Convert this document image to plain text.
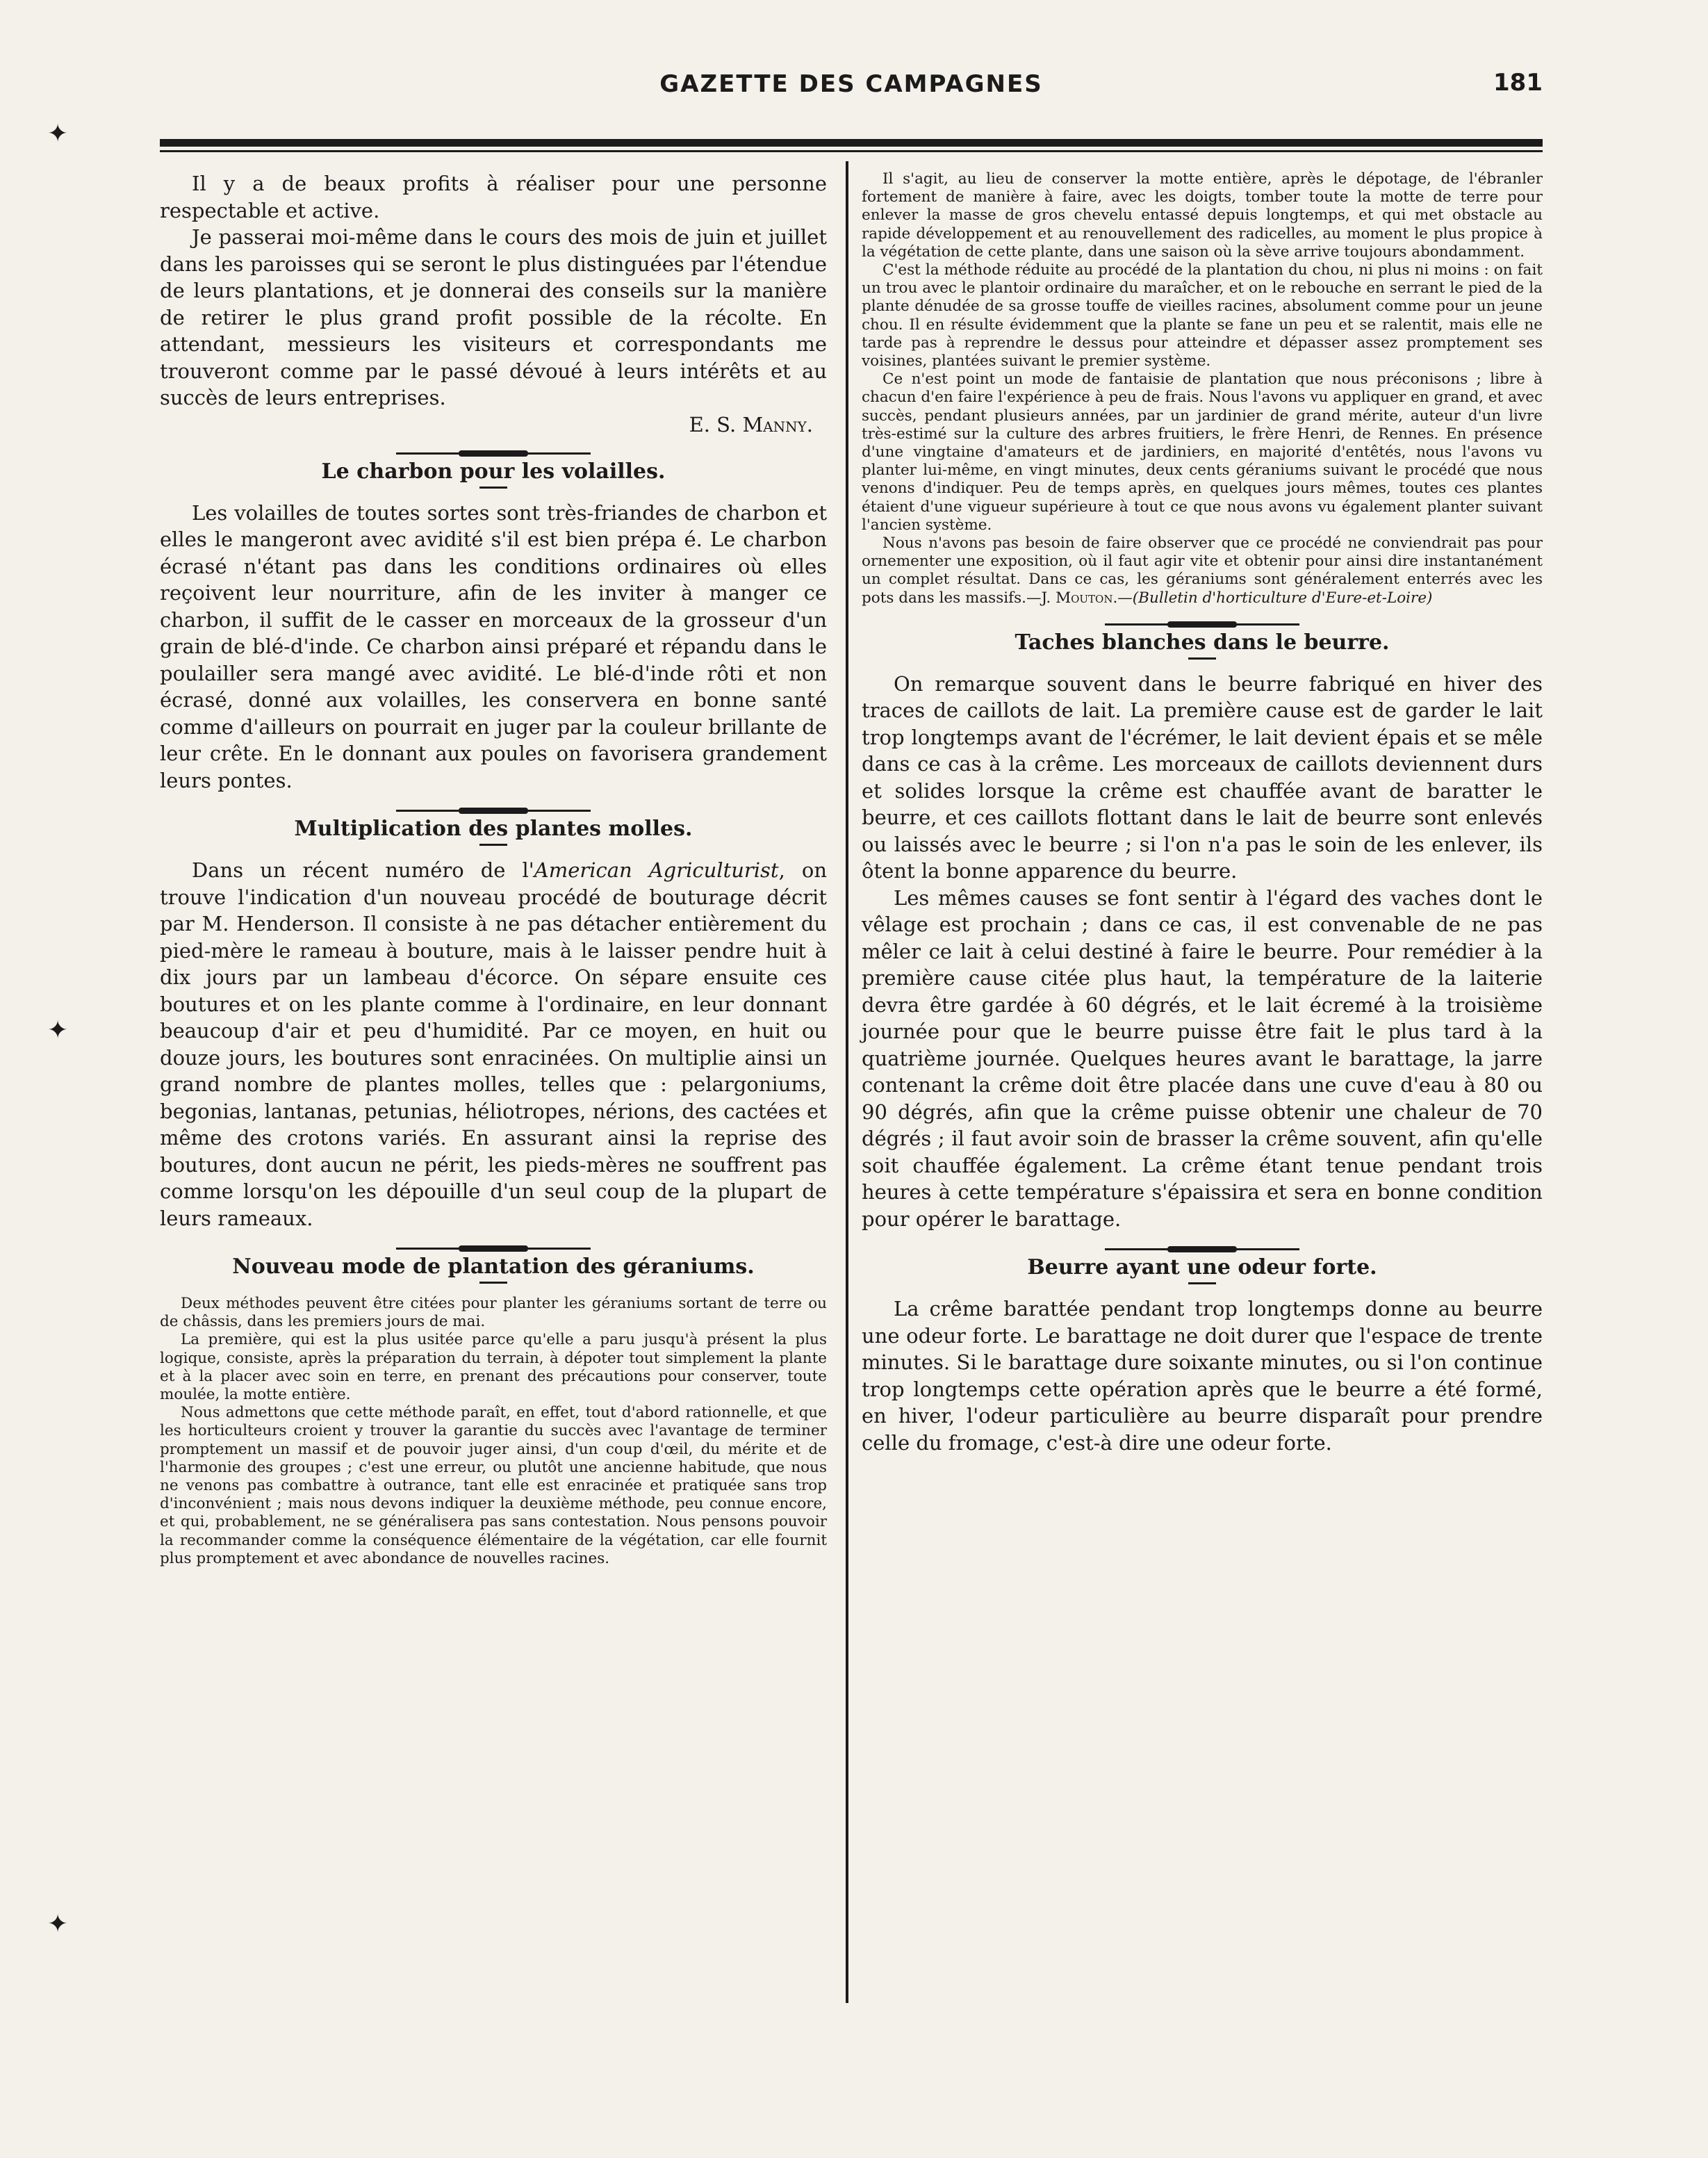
GAZETTE DES CAMPAGNES	181
✦
✦
✦

Il y a de beaux profits à réaliser pour une personne respectable et active.

Je passerai moi-même dans le cours des mois de juin et juillet dans les paroisses qui se seront le plus distinguées par l'étendue de leurs plantations, et je donnerai des conseils sur la manière de retirer le plus grand profit possible de la récolte. En attendant, messieurs les visiteurs et correspondants me trouveront comme par le passé dévoué à leurs intérêts et au succès de leurs entreprises.

E. S. Manny.
Le charbon pour les volailles.

Les volailles de toutes sortes sont très-friandes de charbon et elles le mangeront avec avidité s'il est bien prépa é. Le charbon écrasé n'étant pas dans les conditions ordinaires où elles reçoivent leur nourriture, afin de les inviter à manger ce charbon, il suffit de le casser en morceaux de la grosseur d'un grain de blé-d'inde. Ce charbon ainsi préparé et répandu dans le poulailler sera mangé avec avidité. Le blé-d'inde rôti et non écrasé, donné aux volailles, les conservera en bonne santé comme d'ailleurs on pourrait en juger par la couleur brillante de leur crête. En le donnant aux poules on favorisera grandement leurs pontes.

Multiplication des plantes molles.

Dans un récent numéro de l'American Agriculturist, on trouve l'indication d'un nouveau procédé de bouturage décrit par M. Henderson. Il consiste à ne pas détacher entièrement du pied-mère le rameau à bouture, mais à le laisser pendre huit à dix jours par un lambeau d'écorce. On sépare ensuite ces boutures et on les plante comme à l'ordinaire, en leur donnant beaucoup d'air et peu d'humidité. Par ce moyen, en huit ou douze jours, les boutures sont enracinées. On multiplie ainsi un grand nombre de plantes molles, telles que : pelargoniums, begonias, lantanas, petunias, héliotropes, nérions, des cactées et même des crotons variés. En assurant ainsi la reprise des boutures, dont aucun ne périt, les pieds-mères ne souffrent pas comme lorsqu'on les dépouille d'un seul coup de la plupart de leurs rameaux.

Nouveau mode de plantation des géraniums.

Deux méthodes peuvent être citées pour planter les géraniums sortant de terre ou de châssis, dans les premiers jours de mai.

La première, qui est la plus usitée parce qu'elle a paru jusqu'à présent la plus logique, consiste, après la préparation du terrain, à dépoter tout simplement la plante et à la placer avec soin en terre, en prenant des précautions pour conserver, toute moulée, la motte entière.

Nous admettons que cette méthode paraît, en effet, tout d'abord rationnelle, et que les horticulteurs croient y trouver la garantie du succès avec l'avantage de terminer promptement un massif et de pouvoir juger ainsi, d'un coup d'œil, du mérite et de l'harmonie des groupes ; c'est une erreur, ou plutôt une ancienne habitude, que nous ne venons pas combattre à outrance, tant elle est enracinée et pratiquée sans trop d'inconvénient ; mais nous devons indiquer la deuxième méthode, peu connue encore, et qui, probablement, ne se généralisera pas sans contestation. Nous pensons pouvoir la recommander comme la conséquence élémentaire de la végétation, car elle fournit plus promptement et avec abondance de nouvelles racines.

Il s'agit, au lieu de conserver la motte entière, après le dépotage, de l'ébranler fortement de manière à faire, avec les doigts, tomber toute la motte de terre pour enlever la masse de gros chevelu entassé depuis longtemps, et qui met obstacle au rapide développement et au renouvellement des radicelles, au moment le plus propice à la végétation de cette plante, dans une saison où la sève arrive toujours abondamment.

C'est la méthode réduite au procédé de la plantation du chou, ni plus ni moins : on fait un trou avec le plantoir ordinaire du maraîcher, et on le rebouche en serrant le pied de la plante dénudée de sa grosse touffe de vieilles racines, absolument comme pour un jeune chou. Il en résulte évidemment que la plante se fane un peu et se ralentit, mais elle ne tarde pas à reprendre le dessus pour atteindre et dépasser assez promptement ses voisines, plantées suivant le premier système.

Ce n'est point un mode de fantaisie de plantation que nous préconisons ; libre à chacun d'en faire l'expérience à peu de frais. Nous l'avons vu appliquer en grand, et avec succès, pendant plusieurs années, par un jardinier de grand mérite, auteur d'un livre très-estimé sur la culture des arbres fruitiers, le frère Henri, de Rennes. En présence d'une vingtaine d'amateurs et de jardiniers, en majorité d'entêtés, nous l'avons vu planter lui-même, en vingt minutes, deux cents géraniums suivant le procédé que nous venons d'indiquer. Peu de temps après, en quelques jours mêmes, toutes ces plantes étaient d'une vigueur supérieure à tout ce que nous avons vu également planter suivant l'ancien système.

Nous n'avons pas besoin de faire observer que ce procédé ne conviendrait pas pour ornementer une exposition, où il faut agir vite et obtenir pour ainsi dire instantanément un complet résultat. Dans ce cas, les géraniums sont généralement enterrés avec les pots dans les massifs.—J. Mouton.—(Bulletin d'horticulture d'Eure-et-Loire)

Taches blanches dans le beurre.

On remarque souvent dans le beurre fabriqué en hiver des traces de caillots de lait. La première cause est de garder le lait trop longtemps avant de l'écrémer, le lait devient épais et se mêle dans ce cas à la crême. Les morceaux de caillots deviennent durs et solides lorsque la crême est chauffée avant de baratter le beurre, et ces caillots flottant dans le lait de beurre sont enlevés ou laissés avec le beurre ; si l'on n'a pas le soin de les enlever, ils ôtent la bonne apparence du beurre.

Les mêmes causes se font sentir à l'égard des vaches dont le vêlage est prochain ; dans ce cas, il est convenable de ne pas mêler ce lait à celui destiné à faire le beurre. Pour remédier à la première cause citée plus haut, la température de la laiterie devra être gardée à 60 dégrés, et le lait écremé à la troisième journée pour que le beurre puisse être fait le plus tard à la quatrième journée. Quelques heures avant le barattage, la jarre contenant la crême doit être placée dans une cuve d'eau à 80 ou 90 dégrés, afin que la crême puisse obtenir une chaleur de 70 dégrés ; il faut avoir soin de brasser la crême souvent, afin qu'elle soit chauffée également. La crême étant tenue pendant trois heures à cette température s'épaissira et sera en bonne condition pour opérer le barattage.

Beurre ayant une odeur forte.

La crême barattée pendant trop longtemps donne au beurre une odeur forte. Le barattage ne doit durer que l'espace de trente minutes. Si le barattage dure soixante minutes, ou si l'on continue trop longtemps cette opération après que le beurre a été formé, en hiver, l'odeur particulière au beurre disparaît pour prendre celle du fromage, c'est-à dire une odeur forte.
